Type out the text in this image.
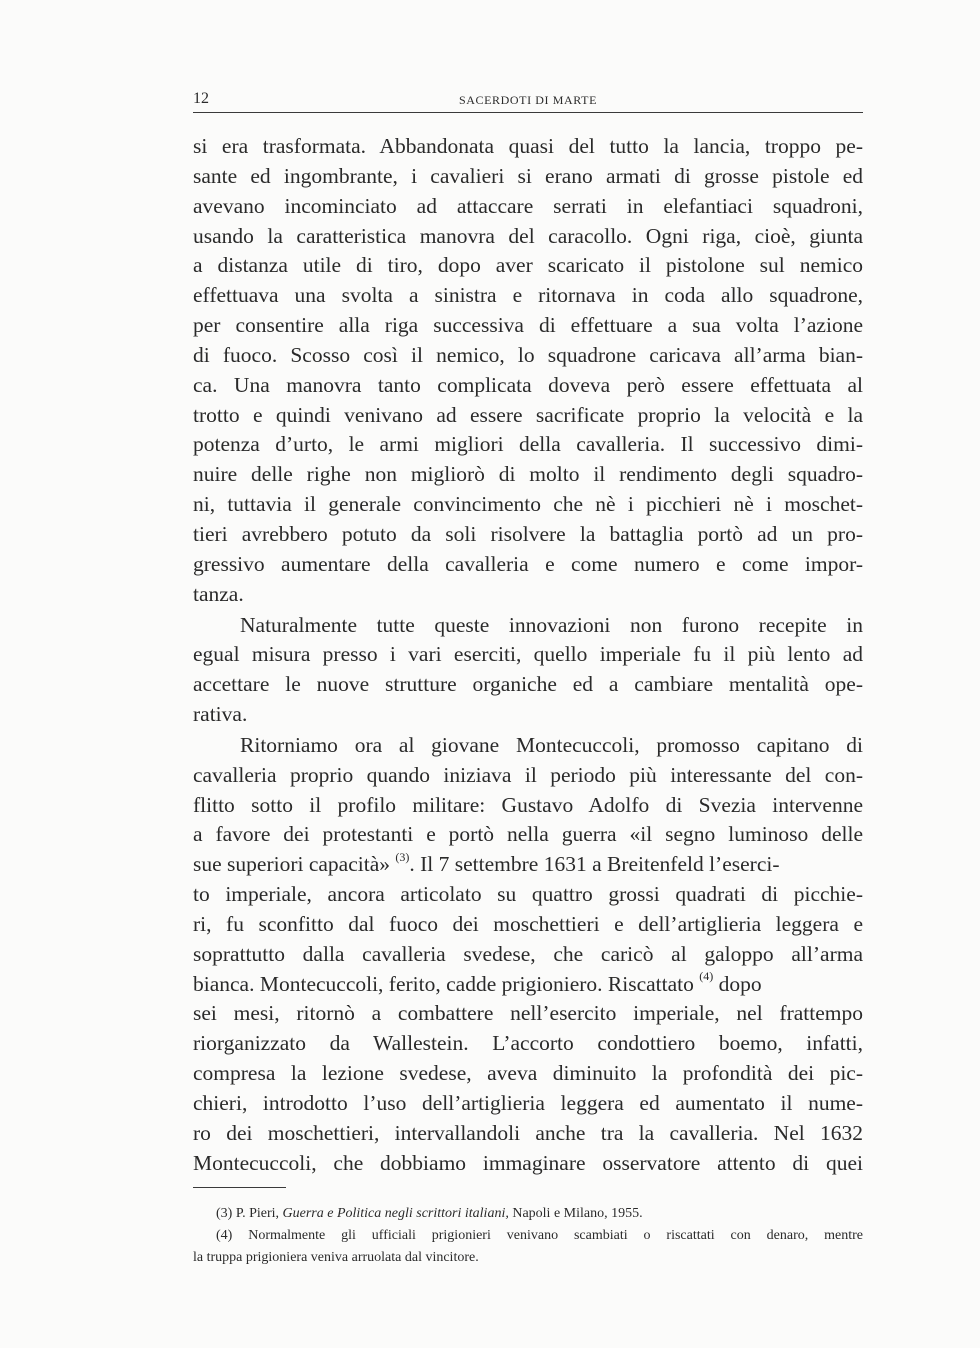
12	SACERDOTI DI MARTE
si era trasformata. Abbandonata quasi del tutto la lancia, troppo pe-
sante ed ingombrante, i cavalieri si erano armati di grosse pistole ed
avevano incominciato ad attaccare serrati in elefantiaci squadroni,
usando la caratteristica manovra del caracollo. Ogni riga, cioè, giunta
a distanza utile di tiro, dopo aver scaricato il pistolone sul nemico
effettuava una svolta a sinistra e ritornava in coda allo squadrone,
per consentire alla riga successiva di effettuare a sua volta l’azione
di fuoco. Scosso così il nemico, lo squadrone caricava all’arma bian-
ca. Una manovra tanto complicata doveva però essere effettuata al
trotto e quindi venivano ad essere sacrificate proprio la velocità e la
potenza d’urto, le armi migliori della cavalleria. Il successivo dimi-
nuire delle righe non migliorò di molto il rendimento degli squadro-
ni, tuttavia il generale convincimento che nè i picchieri nè i moschet-
tieri avrebbero potuto da soli risolvere la battaglia portò ad un pro-
gressivo aumentare della cavalleria e come numero e come impor-
tanza.
Naturalmente tutte queste innovazioni non furono recepite in
egual misura presso i vari eserciti, quello imperiale fu il più lento ad
accettare le nuove strutture organiche ed a cambiare mentalità ope-
rativa.
Ritorniamo ora al giovane Montecuccoli, promosso capitano di
cavalleria proprio quando iniziava il periodo più interessante del con-
flitto sotto il profilo militare: Gustavo Adolfo di Svezia intervenne
a favore dei protestanti e portò nella guerra «il segno luminoso delle
sue superiori capacità» $^{(3)}$. Il 7 settembre 1631 a Breitenfeld l’eserci-
to imperiale, ancora articolato su quattro grossi quadrati di picchie-
ri, fu sconfitto dal fuoco dei moschettieri e dell’artiglieria leggera e
soprattutto dalla cavalleria svedese, che caricò al galoppo all’arma
bianca. Montecuccoli, ferito, cadde prigioniero. Riscattato $^{(4)}$ dopo
sei mesi, ritornò a combattere nell’esercito imperiale, nel frattempo
riorganizzato da Wallestein. L’accorto condottiero boemo, infatti,
compresa la lezione svedese, aveva diminuito la profondità dei pic-
chieri, introdotto l’uso dell’artiglieria leggera ed aumentato il nume-
ro dei moschettieri, intervallandoli anche tra la cavalleria. Nel 1632
Montecuccoli, che dobbiamo immaginare osservatore attento di quei
(3) P. Pieri, Guerra e Politica negli scrittori italiani, Napoli e Milano, 1955.
(4) Normalmente gli ufficiali prigionieri venivano scambiati o riscattati con denaro, mentre
la truppa prigioniera veniva arruolata dal vincitore.
